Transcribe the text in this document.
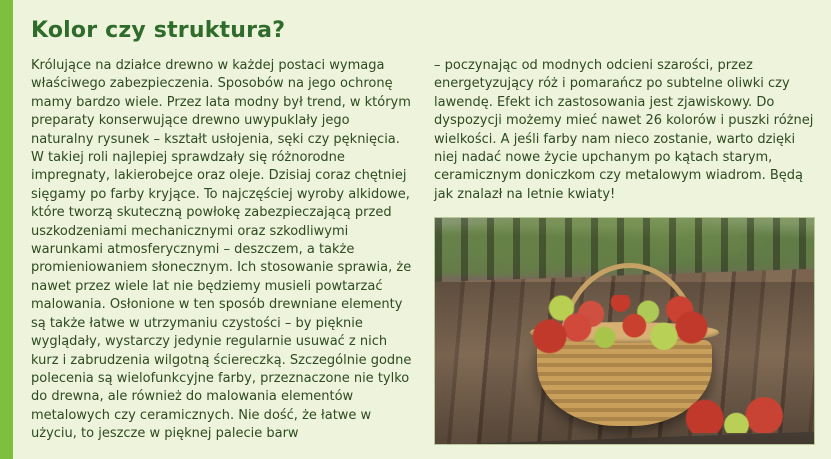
Kolor czy struktura?

Królujące na działce drewno w każdej postaci wymaga właściwego zabezpieczenia. Sposobów na jego ochronę mamy bardzo wiele. Przez lata modny był trend, w którym preparaty konserwujące drewno uwypuklały jego naturalny rysunek – kształt usłojenia, sęki czy pęknięcia. W takiej roli najlepiej sprawdzały się różnorodne impregnaty, lakierobejce oraz oleje. Dzisiaj coraz chętniej sięgamy po farby kryjące. To najczęściej wyroby alkidowe, które tworzą skuteczną powłokę zabezpieczającą przed uszkodzeniami mechanicznymi oraz szkodliwymi warunkami atmosferycznymi – deszczem, a także promieniowaniem słonecznym. Ich stosowanie sprawia, że nawet przez wiele lat nie będziemy musieli powtarzać malowania. Osłonione w ten sposób drewniane elementy są także łatwe w utrzymaniu czystości – by pięknie wyglądały, wystarczy jedynie regularnie usuwać z nich kurz i zabrudzenia wilgotną ściereczką. Szczególnie godne polecenia są wielofunkcyjne farby, przeznaczone nie tylko do drewna, ale również do malowania elementów metalowych czy ceramicznych. Nie dość, że łatwe w użyciu, to jeszcze w pięknej palecie barw

– poczynając od modnych odcieni szarości, przez energetyzujący róż i pomarańcz po subtelne oliwki czy lawendę. Efekt ich zastosowania jest zjawiskowy. Do dyspozycji możemy mieć nawet 26 kolorów i puszki różnej wielkości. A jeśli farby nam nieco zostanie, warto dzięki niej nadać nowe życie upchanym po kątach starym, ceramicznym doniczkom czy metalowym wiadrom. Będą jak znalazł na letnie kwiaty!
